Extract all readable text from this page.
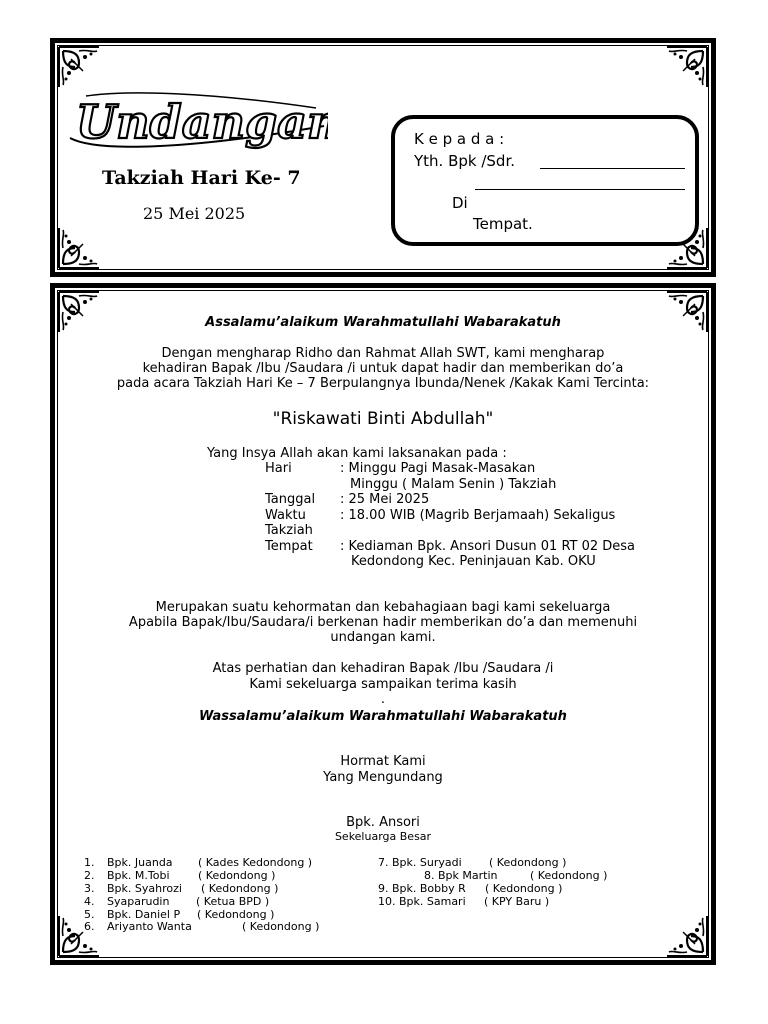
Undangan
Takziah Hari Ke- 7
25 Mei 2025
K e p a d a :
Yth. Bpk /Sdr.
Di
Tempat.
Assalamu’alaikum Warahmatullahi Wabarakatuh
Dengan mengharap Ridho dan Rahmat Allah SWT, kami mengharap
kehadiran Bapak /Ibu /Saudara /i untuk dapat hadir dan memberikan do’a
pada acara Takziah Hari Ke – 7 Berpulangnya Ibunda/Nenek /Kakak Kami Tercinta:
"Riskawati Binti Abdullah"
Yang Insya Allah akan kami laksanakan pada :
Hari	: Minggu Pagi Masak-Masakan
Minggu ( Malam Senin ) Takziah
Tanggal : 25 Mei 2025
Waktu	: 18.00 WIB (Magrib Berjamaah) Sekaligus
Takziah
Tempat : Kediaman Bpk. Ansori Dusun 01 RT 02 Desa
Kedondong Kec. Peninjauan Kab. OKU
Merupakan suatu kehormatan dan kebahagiaan bagi kami sekeluarga
Apabila Bapak/Ibu/Saudara/i berkenan hadir memberikan do’a dan memenuhi
undangan kami.
Atas perhatian dan kehadiran Bapak /Ibu /Saudara /i
Kami sekeluarga sampaikan terima kasih
.
Wassalamu’alaikum Warahmatullahi Wabarakatuh
Hormat Kami
Yang Mengundang
Bpk. Ansori
Sekeluarga Besar
1. Bpk. Juanda ( Kades Kedondong )
2. Bpk. M.Tobi	( Kedondong )
3. Bpk. Syahrozi ( Kedondong )
4. Syaparudin ( Ketua BPD )
5. Bpk. Daniel P ( Kedondong )
6. Ariyanto Wanta	( Kedondong )
7. Bpk. Suryadi ( Kedondong )
8. Bpk Martin	( Kedondong )
9. Bpk. Bobby R ( Kedondong )
10. Bpk. Samari ( KPY Baru )
